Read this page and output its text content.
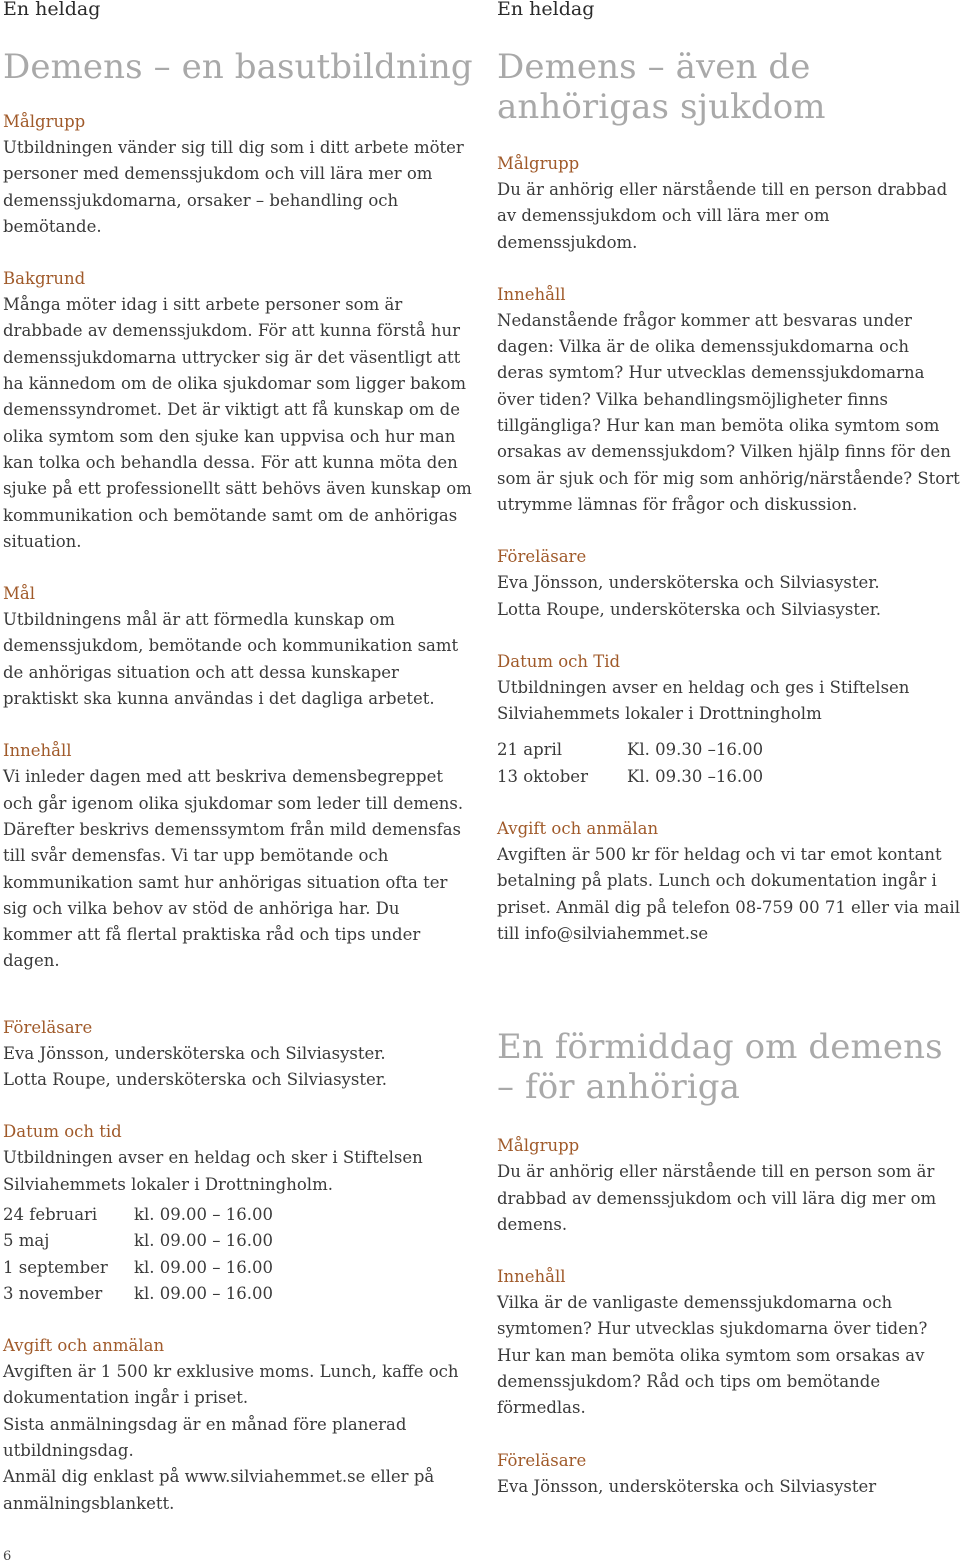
En heldag
Demens – en basutbildning
Målgrupp

Utbildningen vänder sig till dig som i ditt arbete möter personer med demenssjukdom och vill lära mer om demenssjukdomarna, orsaker – behandling och bemötande.

Bakgrund

Många möter idag i sitt arbete personer som är drabbade av demenssjukdom. För att kunna förstå hur demenssjukdomarna uttrycker sig är det väsentligt att ha kännedom om de olika sjukdomar som ligger bakom demenssyndromet. Det är viktigt att få kunskap om de olika symtom som den sjuke kan uppvisa och hur man kan tolka och behandla dessa. För att kunna möta den sjuke på ett professionellt sätt behövs även kunskap om kommunikation och bemötande samt om de anhörigas situation.

Mål

Utbildningens mål är att förmedla kunskap om demenssjukdom, bemötande och kommunikation samt de anhörigas situation och att dessa kunskaper praktiskt ska kunna användas i det dagliga arbetet.

Innehåll

Vi inleder dagen med att beskriva demensbegreppet och går igenom olika sjukdomar som leder till demens. Därefter beskrivs demenssymtom från mild demensfas till svår demensfas. Vi tar upp bemötande och kommunikation samt hur anhörigas situation ofta ter sig och vilka behov av stöd de anhöriga har. Du kommer att få flertal praktiska råd och tips under dagen.

Föreläsare

Eva Jönsson, undersköterska och Silviasyster.

Lotta Roupe, undersköterska och Silviasyster.

Datum och tid

Utbildningen avser en heldag och sker i Stiftelsen Silviahemmets lokaler i Drottningholm.

24 februari	kl. 09.00 – 16.00
5 maj	kl. 09.00 – 16.00
1 september	kl. 09.00 – 16.00
3 november	kl. 09.00 – 16.00
Avgift och anmälan

Avgiften är 1 500 kr exklusive moms. Lunch, kaffe och dokumentation ingår i priset.

Sista anmälningsdag är en månad före planerad utbildningsdag.

Anmäl dig enklast på www.silviahemmet.se eller på anmälningsblankett.

En heldag
Demens – även de anhörigas sjukdom
Målgrupp

Du är anhörig eller närstående till en person drabbad av demenssjukdom och vill lära mer om demenssjukdom.

Innehåll

Nedanstående frågor kommer att besvaras under dagen: Vilka är de olika demenssjukdomarna och deras symtom? Hur utvecklas demenssjukdomarna över tiden? Vilka behandlingsmöjligheter finns tillgängliga? Hur kan man bemöta olika symtom som orsakas av demenssjukdom? Vilken hjälp finns för den som är sjuk och för mig som anhörig/närstående? Stort utrymme lämnas för frågor och diskussion.

Föreläsare

Eva Jönsson, undersköterska och Silviasyster.

Lotta Roupe, undersköterska och Silviasyster.

Datum och Tid

Utbildningen avser en heldag och ges i Stiftelsen Silviahemmets lokaler i Drottningholm

21 april	Kl. 09.30 –16.00
13 oktober	Kl. 09.30 –16.00
Avgift och anmälan

Avgiften är 500 kr för heldag och vi tar emot kontant betalning på plats. Lunch och dokumentation ingår i priset. Anmäl dig på telefon 08-759 00 71 eller via mail till info@silviahemmet.se

En förmiddag om demens – för anhöriga
Målgrupp

Du är anhörig eller närstående till en person som är drabbad av demenssjukdom och vill lära dig mer om demens.

Innehåll

Vilka är de vanligaste demenssjukdomarna och symtomen? Hur utvecklas sjukdomarna över tiden? Hur kan man bemöta olika symtom som orsakas av demenssjukdom? Råd och tips om bemötande förmedlas.

Föreläsare

Eva Jönsson, undersköterska och Silviasyster

6
